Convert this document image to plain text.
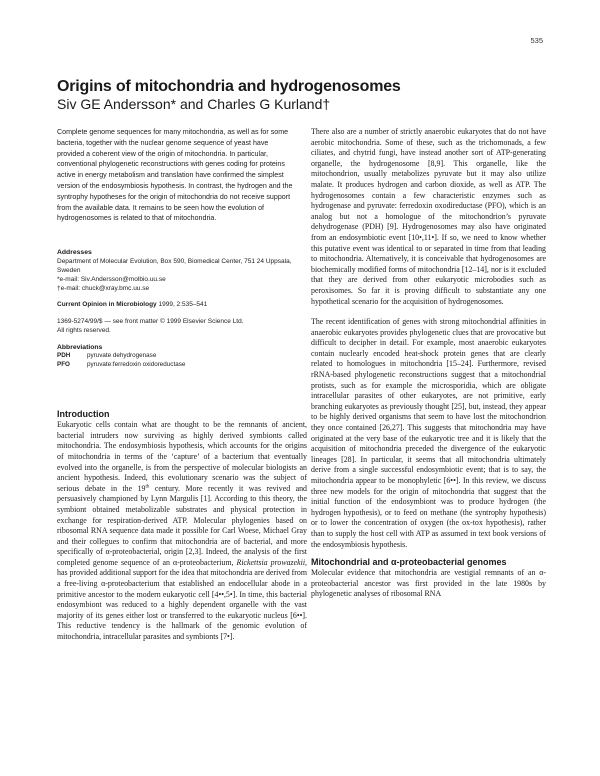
535
Origins of mitochondria and hydrogenosomes
Siv GE Andersson* and Charles G Kurland†

Complete genome sequences for many mitochondria, as well as for some bacteria, together with the nuclear genome sequence of yeast have provided a coherent view of the origin of mitochondria. In particular, conventional phylogenetic reconstructions with genes coding for proteins active in energy metabolism and translation have confirmed the simplest version of the endosymbiosis hypothesis. In contrast, the hydrogen and the syntrophy hypotheses for the origin of mitochondria do not receive support from the available data. It remains to be seen how the evolution of hydrogenosomes is related to that of mitochondria.

Addresses

Department of Molecular Evolution, Box 590, Biomedical Center, 751 24 Uppsala, Sweden

*e-mail: Siv.Andersson@molbio.uu.se

†e-mail: chuck@xray.bmc.uu.se

Current Opinion in Microbiology 1999, 2:535–541

1369-5274/99/$ — see front matter © 1999 Elsevier Science Ltd.

All rights reserved.

Abbreviations

PDH	pyruvate dehydrogenase
PFO	pyruvate:ferredoxin oxidoreductase
Introduction

Eukaryotic cells contain what are thought to be the remnants of ancient, bacterial intruders now surviving as highly derived symbionts called mitochondria. The endosymbiosis hypothesis, which accounts for the origins of mitochondria in terms of the ‘capture’ of a bacterium that eventually evolved into the organelle, is from the perspective of molecular biologists an ancient hypothesis. Indeed, this evolutionary scenario was the subject of serious debate in the 19th century. More recently it was revived and persuasively championed by Lynn Margulis [1]. According to this theory, the symbiont obtained metabolizable substrates and physical protection in exchange for respiration-derived ATP. Molecular phylogenies based on ribosomal RNA sequence data made it possible for Carl Woese, Michael Gray and their collegues to confirm that mitochondria are of bacterial, and more specifically of α-proteobacterial, origin [2,3]. Indeed, the analysis of the first completed genome sequence of an α-proteobacterium, Rickettsia prowazekii, has provided additional support for the idea that mitochondria are derived from a free-living α-proteobacterium that established an endocellular abode in a primitive ancestor to the modern eukaryotic cell [4••,5•]. In time, this bacterial endosymbiont was reduced to a highly dependent organelle with the vast majority of its genes either lost or transferred to the eukaryotic nucleus [6••]. This reductive tendency is the hallmark of the genomic evolution of mitochondria, intracellular parasites and symbionts [7•].

There also are a number of strictly anaerobic eukaryotes that do not have aerobic mitochondria. Some of these, such as the trichomonads, a few ciliates, and chytrid fungi, have instead another sort of ATP-generating organelle, the hydrogenosome [8,9]. This organelle, like the mitochondrion, usually metabolizes pyruvate but it may also utilize malate. It produces hydrogen and carbon dioxide, as well as ATP. The hydrogenosomes contain a few characteristic enzymes such as hydrogenase and pyruvate: ferredoxin oxodireductase (PFO), which is an analog but not a homologue of the mitochondrion’s pyruvate dehydrogenase (PDH) [9]. Hydrogenosomes may also have originated from an endosymbiotic event [10•,11•]. If so, we need to know whether this putative event was identical to or separated in time from that leading to mitochondria. Alternatively, it is conceivable that hydrogenosomes are biochemically modified forms of mitochondria [12–14], nor is it excluded that they are derived from other eukaryotic microbodies such as peroxisomes. So far it is proving difficult to substantiate any one hypothetical scenario for the acquisition of hydrogenosomes.

The recent identification of genes with strong mitochondrial affinities in anaerobic eukaryotes provides phylogenetic clues that are provocative but difficult to decipher in detail. For example, most anaerobic eukaryotes contain nuclearly encoded heat-shock protein genes that are clearly related to homologues in mitochondria [15–24]. Furthermore, revised rRNA-based phylogenetic reconstructions suggest that a mitochondrial protists, such as for example the microsporidia, which are obligate intracellular parasites of other eukaryotes, are not primitive, early branching eukaryotes as previously thought [25], but, instead, they appear to be highly derived organisms that seem to have lost the mitochondrion they once contained [26,27]. This suggests that mitochondria may have originated at the very base of the eukaryotic tree and it is likely that the acquisition of mitochondria preceded the divergence of the eukaryotic lineages [28]. In particular, it seems that all mitochondria ultimately derive from a single successful endosymbiotic event; that is to say, the mitochondria appear to be monophyletic [6••]. In this review, we discuss three new models for the origin of mitochondria that suggest that the initial function of the endosymbiont was to produce hydrogen (the hydrogen hypothesis), or to feed on methane (the syntrophy hypothesis) or to lower the concentration of oxygen (the ox-tox hypothesis), rather than to supply the host cell with ATP as assumed in text book versions of the endosymbiosis hypothesis.

Mitochondrial and α-proteobacterial genomes

Molecular evidence that mitochondria are vestigial remnants of an α-proteobacterial ancestor was first provided in the late 1980s by phylogenetic analyses of ribosomal RNA
